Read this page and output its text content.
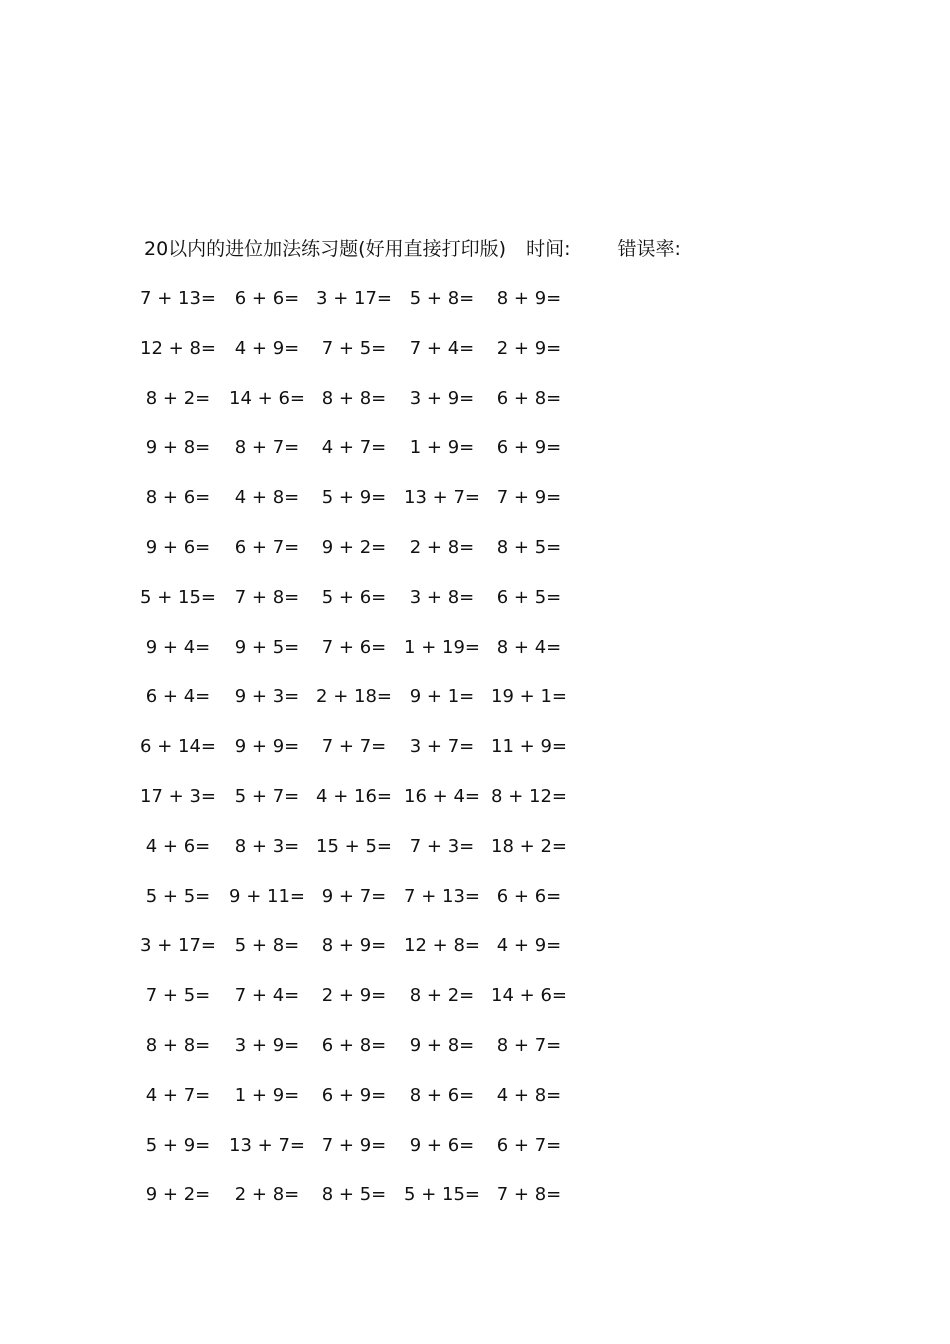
20以内的进位加法练习题(好用直接打印版) 时间: 错误率:
7 + 13=	6 + 6= 3 + 17= 5 + 8=	8 + 9=
12 + 8=	4 + 9=	7 + 5=	7 + 4=	2 + 9=
8 + 2=	14 + 6= 8 + 8=	3 + 9=	6 + 8=
9 + 8=	8 + 7=	4 + 7=	1 + 9=	6 + 9=
8 + 6=	4 + 8=	5 + 9= 13 + 7= 7 + 9=
9 + 6=	6 + 7=	9 + 2=	2 + 8=	8 + 5=
5 + 15=	7 + 8=	5 + 6=	3 + 8=	6 + 5=
9 + 4=	9 + 5=	7 + 6= 1 + 19= 8 + 4=
6 + 4=	9 + 3= 2 + 18= 9 + 1= 19 + 1=
6 + 14=	9 + 9=	7 + 7=	3 + 7= 11 + 9=
17 + 3=	5 + 7= 4 + 16= 16 + 4= 8 + 12=
4 + 6=	8 + 3= 15 + 5= 7 + 3= 18 + 2=
5 + 5=	9 + 11= 9 + 7= 7 + 13= 6 + 6=
3 + 17=	5 + 8=	8 + 9= 12 + 8= 4 + 9=
7 + 5=	7 + 4=	2 + 9=	8 + 2= 14 + 6=
8 + 8=	3 + 9=	6 + 8=	9 + 8=	8 + 7=
4 + 7=	1 + 9=	6 + 9=	8 + 6=	4 + 8=
5 + 9=	13 + 7= 7 + 9=	9 + 6=	6 + 7=
9 + 2=	2 + 8=	8 + 5= 5 + 15= 7 + 8=
